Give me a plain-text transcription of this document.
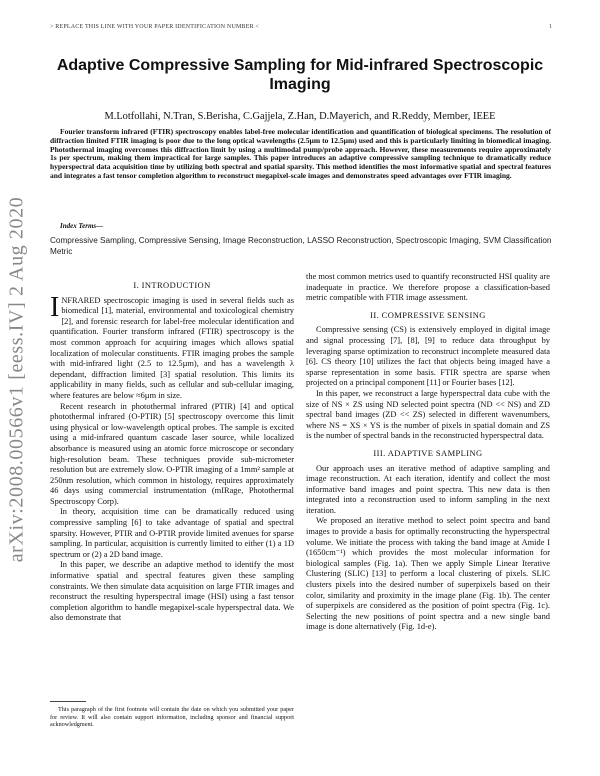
> REPLACE THIS LINE WITH YOUR PAPER IDENTIFICATION NUMBER <	1
arXiv:2008.00566v1 [eess.IV] 2 Aug 2020
Adaptive Compressive Sampling for Mid-infrared Spectroscopic Imaging
M.Lotfollahi, N.Tran, S.Berisha, C.Gajjela, Z.Han, D.Mayerich, and R.Reddy, Member, IEEE
Fourier transform infrared (FTIR) spectroscopy enables label-free molecular identification and quantification of biological specimens. The resolution of diffraction limited FTIR imaging is poor due to the long optical wavelengths (2.5µm to 12.5µm) used and this is particularly limiting in biomedical imaging. Photothermal imaging overcomes this diffraction limit by using a multimodal pump/probe approach. However, these measurements require approximately 1s per spectrum, making them impractical for large samples. This paper introduces an adaptive compressive sampling technique to dramatically reduce hyperspectral data acquisition time by utilizing both spectral and spatial sparsity. This method identifies the most informative spatial and spectral features and integrates a fast tensor completion algorithm to reconstruct megapixel-scale images and demonstrates speed advantages over FTIR imaging.
Index Terms—
Compressive Sampling, Compressive Sensing, Image Reconstruction, LASSO Reconstruction, Spectroscopic Imaging, SVM Classification Metric
I. INTRODUCTION

INFRARED spectroscopic imaging is used in several fields such as biomedical [1], material, environmental and toxicological chemistry [2], and forensic research for label-free molecular identification and quantification. Fourier transform infrared (FTIR) spectroscopy is the most common approach for acquiring images which allows spatial localization of molecular constituents. FTIR imaging probes the sample with mid-infrared light (2.5 to 12.5µm), and has a wavelength λ dependant, diffraction limited [3] spatial resolution. This limits its applicability in many fields, such as cellular and sub-cellular imaging, where features are below ≈6µm in size.

Recent research in photothermal infrared (PTIR) [4] and optical photothermal infrared (O-PTIR) [5] spectroscopy overcome this limit using physical or low-wavelength optical probes. The sample is excited using a mid-infrared quantum cascade laser source, while localized absorbance is measured using an atomic force microscope or secondary high-resolution beam. These techniques provide sub-micrometer resolution but are extremely slow. O-PTIR imaging of a 1mm² sample at 250nm resolution, which common in histology, requires approximately 46 days using commercial instrumentation (mIRage, Photothermal Spectroscopy Corp).

In theory, acquisition time can be dramatically reduced using compressive sampling [6] to take advantage of spatial and spectral sparsity. However, PTIR and O-PTIR provide limited avenues for sparse sampling. In particular, acquisition is currently limited to either (1) a 1D spectrum or (2) a 2D band image.

In this paper, we describe an adaptive method to identify the most informative spatial and spectral features given these sampling constraints. We then simulate data acquisition on large FTIR images and reconstruct the resulting hyperspectral image (HSI) using a fast tensor completion algorithm to handle megapixel-scale hyperspectral data. We also demonstrate that

This paragraph of the first footnote will contain the date on which you submitted your paper for review. It will also contain support information, including sponsor and financial support acknowledgment.

the most common metrics used to quantify reconstructed HSI quality are inadequate in practice. We therefore propose a classification-based metric compatible with FTIR image assessment.

II. COMPRESSIVE SENSING

Compressive sensing (CS) is extensively employed in digital image and signal processing [7], [8], [9] to reduce data throughput by leveraging sparse optimization to reconstruct incomplete measured data [6]. CS theory [10] utilizes the fact that objects being imaged have a sparse representation in some basis. FTIR spectra are sparse when projected on a principal component [11] or Fourier bases [12].

In this paper, we reconstruct a large hyperspectral data cube with the size of NS × ZS using ND selected point spectra (ND << NS) and ZD spectral band images (ZD << ZS) selected in different wavenumbers, where NS = XS × YS is the number of pixels in spatial domain and ZS is the number of spectral bands in the reconstructed hyperspectral data.

III. ADAPTIVE SAMPLING

Our approach uses an iterative method of adaptive sampling and image reconstruction. At each iteration, identify and collect the most informative band images and point spectra. This new data is then integrated into a reconstruction used to inform sampling in the next iteration.

We proposed an iterative method to select point spectra and band images to provide a basis for optimally reconstructing the hyperspectral volume. We initiate the process with taking the band image at Amide I (1650cm⁻¹) which provides the most molecular information for biological samples (Fig. 1a). Then we apply Simple Linear Iterative Clustering (SLIC) [13] to perform a local clustering of pixels. SLIC clusters pixels into the desired number of superpixels based on their color, similarity and proximity in the image plane (Fig. 1b). The center of superpixels are considered as the position of point spectra (Fig. 1c). Selecting the new positions of point spectra and a new single band image is done alternatively (Fig. 1d-e).
